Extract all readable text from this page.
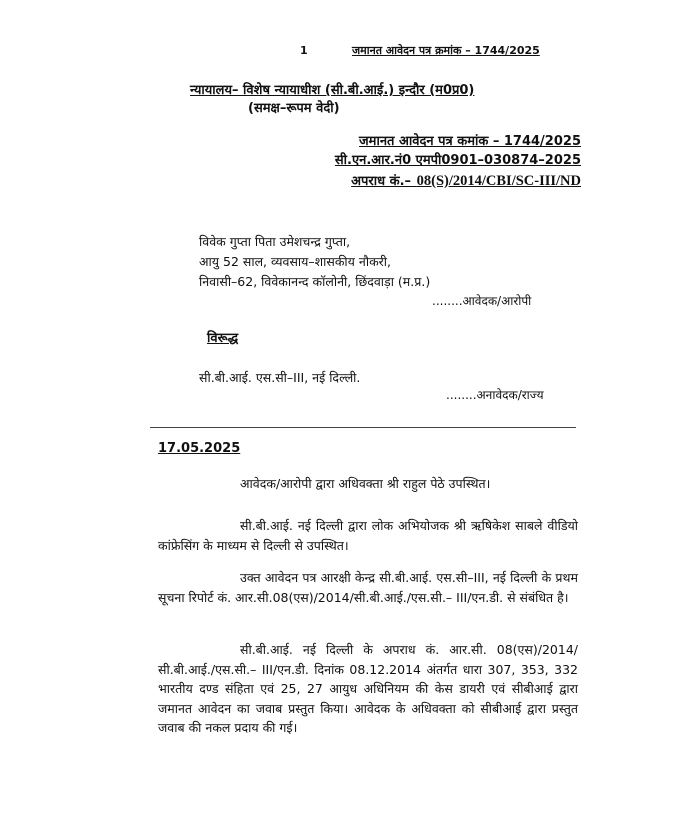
1	जमानत आवेदन पत्र क्रमांक – 1744/2025
न्यायालय– विशेष न्यायाधीश (सी.बी.आई.) इन्दौर (म0प्र0)
(समक्ष–रूपम वेदी)
जमानत आवेदन पत्र कमांक – 1744/2025
सी.एन.आर.नं0 एमपी0901–030874–2025
अपराध कं.– 08(S)/2014/CBI/SC-III/ND
विवेक गुप्ता पिता उमेशचन्द्र गुप्ता,
आयु 52 साल, व्यवसाय–शासकीय नौकरी,
निवासी–62, विवेकानन्द कॉलोनी, छिंदवाड़ा (म.प्र.)
........आवेदक/आरोपी
विरूद्ध
सी.बी.आई. एस.सी–III, नई दिल्ली.
........अनावेदक/राज्य
17.05.2025

आवेदक/आरोपी द्वारा अधिवक्ता श्री राहुल पेठे उपस्थित।

सी.बी.आई. नई दिल्ली द्वारा लोक अभियोजक श्री ऋषिकेश साबले वीडियो कांफ्रेसिंग के माध्यम से दिल्ली से उपस्थित।

उक्त आवेदन पत्र आरक्षी केन्द्र सी.बी.आई. एस.सी–III, नई दिल्ली के प्रथम सूचना रिपोर्ट कं. आर.सी.08(एस)/2014/सी.बी.आई./एस.सी.– III/एन.डी. से संबंधित है।

सी.बी.आई. नई दिल्ली के अपराध कं. आर.सी. 08(एस)/2014/सी.बी.आई./एस.सी.– III/एन.डी. दिनांक 08.12.2014 अंतर्गत धारा 307, 353, 332 भारतीय दण्ड संहिता एवं 25, 27 आयुध अधिनियम की केस डायरी एवं सीबीआई द्वारा जमानत आवेदन का जवाब प्रस्तुत किया। आवेदक के अधिवक्ता को सीबीआई द्वारा प्रस्तुत जवाब की नकल प्रदाय की गई।
